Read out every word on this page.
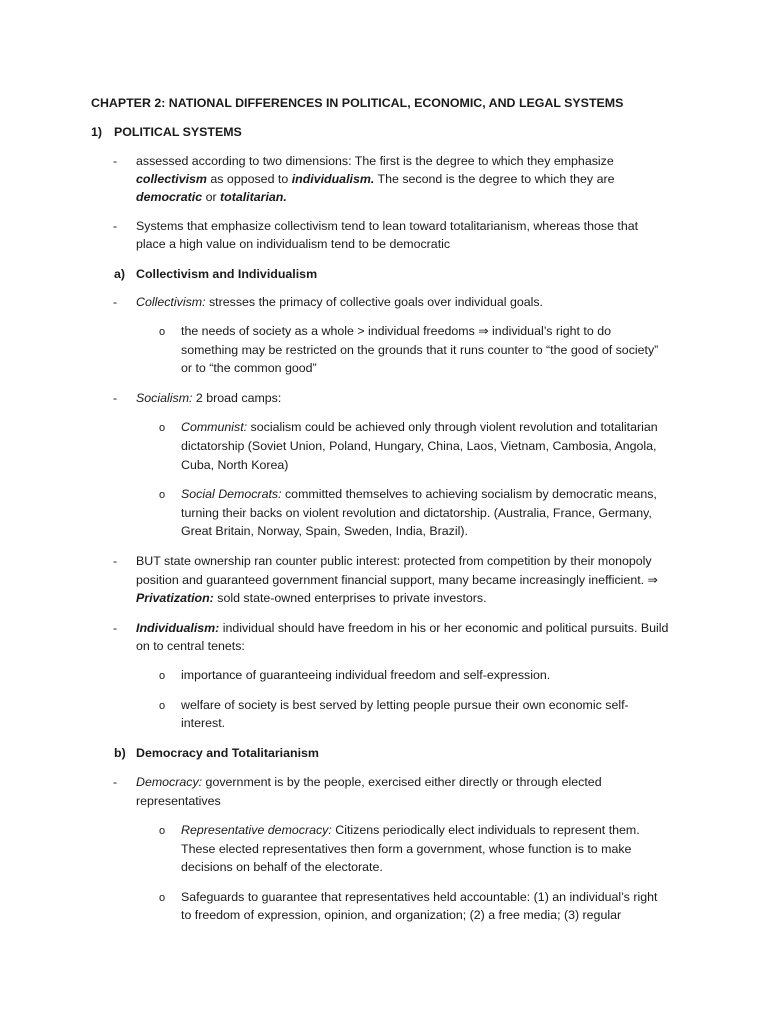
CHAPTER 2: NATIONAL DIFFERENCES IN POLITICAL, ECONOMIC, AND LEGAL SYSTEMS
1) POLITICAL SYSTEMS
- assessed according to two dimensions: The first is the degree to which they emphasize
collectivism as opposed to individualism. The second is the degree to which they are
democratic or totalitarian.
- Systems that emphasize collectivism tend to lean toward totalitarianism, whereas those that
place a high value on individualism tend to be democratic
a) Collectivism and Individualism
- Collectivism: stresses the primacy of collective goals over individual goals.
o the needs of society as a whole > individual freedoms ⇒ individual’s right to do
something may be restricted on the grounds that it runs counter to “the good of society”
or to “the common good”
- Socialism: 2 broad camps:
o Communist: socialism could be achieved only through violent revolution and totalitarian
dictatorship (Soviet Union, Poland, Hungary, China, Laos, Vietnam, Cambosia, Angola,
Cuba, North Korea)
o Social Democrats: committed themselves to achieving socialism by democratic means,
turning their backs on violent revolution and dictatorship. (Australia, France, Germany,
Great Britain, Norway, Spain, Sweden, India, Brazil).
- BUT state ownership ran counter public interest: protected from competition by their monopoly
position and guaranteed government financial support, many became increasingly inefficient. ⇒
Privatization: sold state-owned enterprises to private investors.
- Individualism: individual should have freedom in his or her economic and political pursuits. Build
on to central tenets:
o importance of guaranteeing individual freedom and self-expression.
o welfare of society is best served by letting people pursue their own economic self-
interest.
b) Democracy and Totalitarianism
- Democracy: government is by the people, exercised either directly or through elected
representatives
o Representative democracy: Citizens periodically elect individuals to represent them.
These elected representatives then form a government, whose function is to make
decisions on behalf of the electorate.
o Safeguards to guarantee that representatives held accountable: (1) an individual’s right
to freedom of expression, opinion, and organization; (2) a free media; (3) regular
